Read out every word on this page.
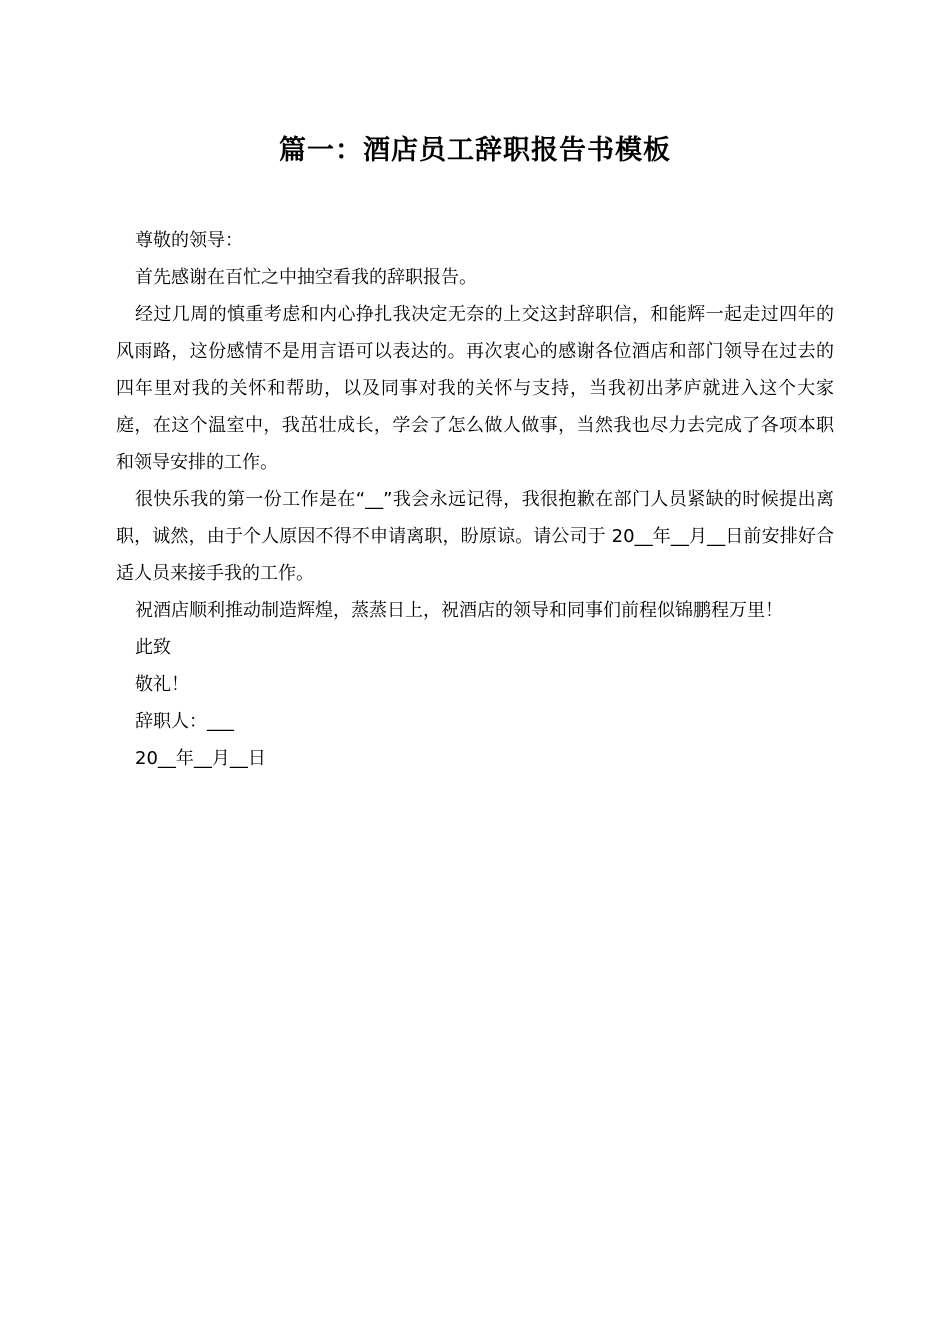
篇一：酒店员工辞职报告书模板

尊敬的领导：

首先感谢在百忙之中抽空看我的辞职报告。

经过几周的慎重考虑和内心挣扎我决定无奈的上交这封辞职信，和能辉一起走过四年的风雨路，这份感情不是用言语可以表达的。再次衷心的感谢各位酒店和部门领导在过去的四年里对我的关怀和帮助，以及同事对我的关怀与支持，当我初出茅庐就进入这个大家庭，在这个温室中，我茁壮成长，学会了怎么做人做事，当然我也尽力去完成了各项本职和领导安排的工作。

很快乐我的第一份工作是在“__”我会永远记得，我很抱歉在部门人员紧缺的时候提出离职，诚然，由于个人原因不得不申请离职，盼原谅。请公司于 20__年__月__日前安排好合适人员来接手我的工作。

祝酒店顺利推动制造辉煌，蒸蒸日上，祝酒店的领导和同事们前程似锦鹏程万里！

此致

敬礼！

辞职人：___

20__年__月__日
